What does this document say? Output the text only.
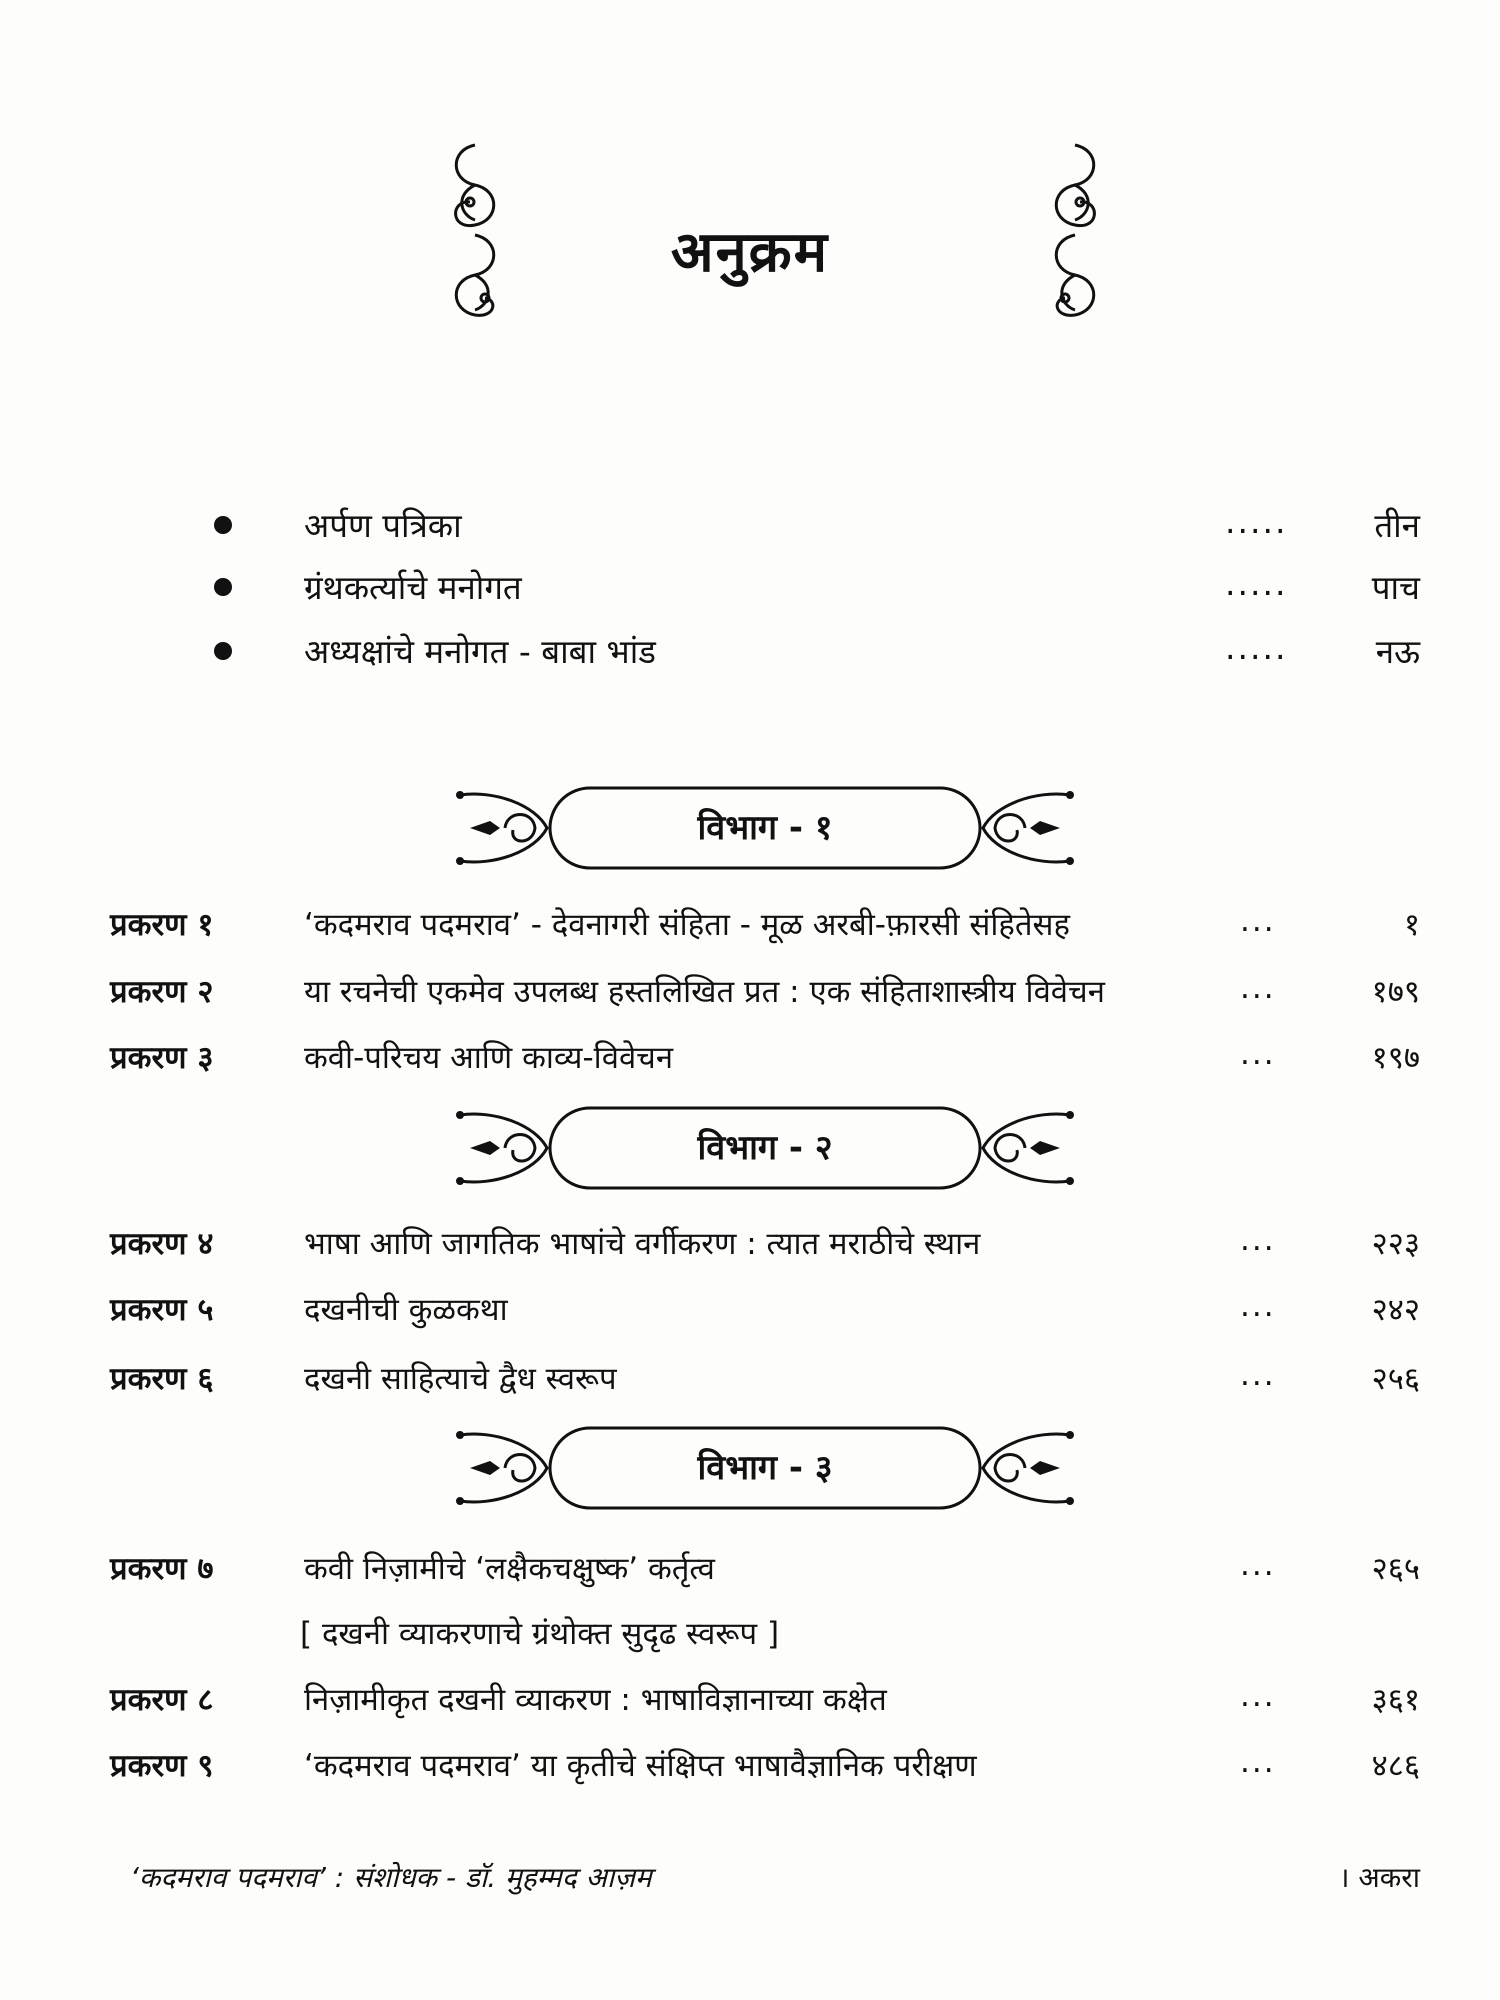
अनुक्रम
अर्पण पत्रिका	.....	तीन
ग्रंथकर्त्याचे मनोगत	.....	पाच
अध्यक्षांचे मनोगत - बाबा भांड	.....	नऊ
विभाग - १
प्रकरण १	‘कदमराव पदमराव’ - देवनागरी संहिता - मूळ अरबी-फ़ारसी संहितेसह	...	१
प्रकरण २	या रचनेची एकमेव उपलब्ध हस्तलिखित प्रत : एक संहिताशास्त्रीय विवेचन	...	१७९
प्रकरण ३	कवी-परिचय आणि काव्य-विवेचन	...	१९७
विभाग - २
प्रकरण ४	भाषा आणि जागतिक भाषांचे वर्गीकरण : त्यात मराठीचे स्थान	...	२२३
प्रकरण ५	दखनीची कुळकथा	...	२४२
प्रकरण ६	दखनी साहित्याचे द्वैध स्वरूप	...	२५६
विभाग - ३
प्रकरण ७	कवी निज़ामीचे ‘लक्षैकचक्षुष्क’ कर्तृत्व	...	२६५
[ दखनी व्याकरणाचे ग्रंथोक्त सुदृढ स्वरूप ]
प्रकरण ८	निज़ामीकृत दखनी व्याकरण : भाषाविज्ञानाच्या कक्षेत	...	३६१
प्रकरण ९	‘कदमराव पदमराव’ या कृतीचे संक्षिप्त भाषावैज्ञानिक परीक्षण	...	४८६
‘कदमराव पदमराव’ : संशोधक - डॉ. मुहम्मद आज़म	। अकरा
